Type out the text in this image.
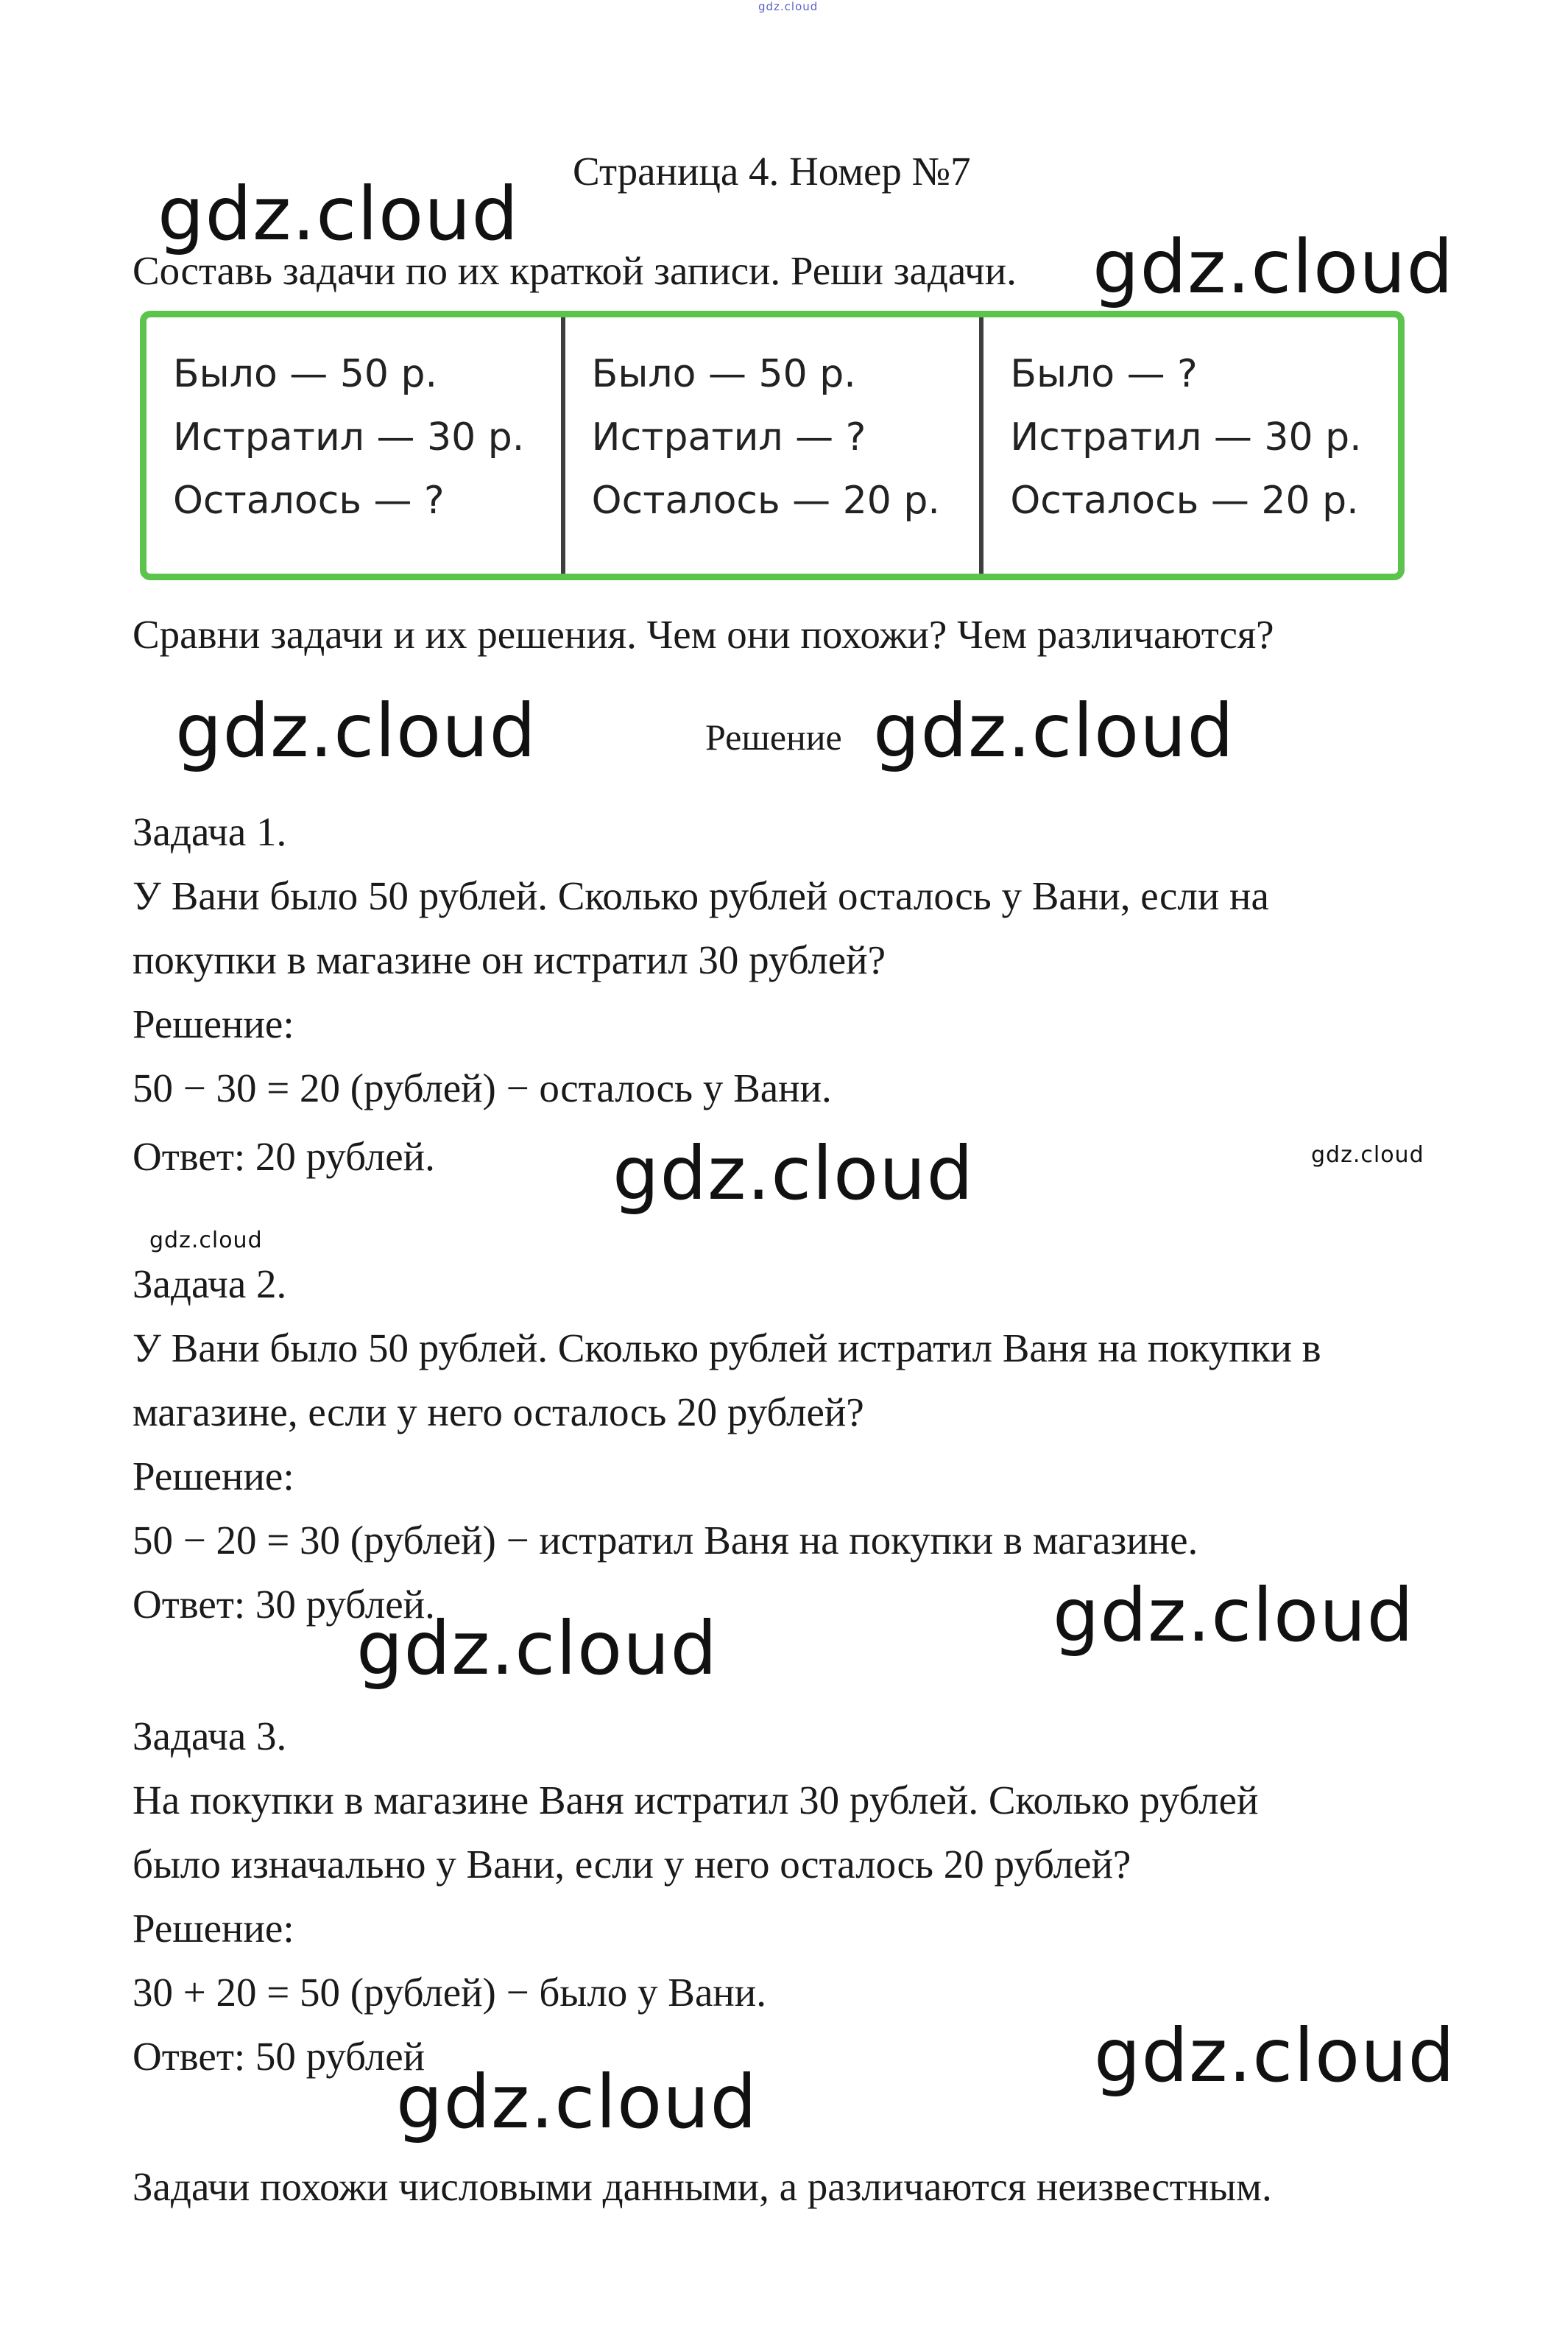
gdz.cloud
Страница 4. Номер №7
gdz.cloud
Составь задачи по их краткой записи. Реши задачи. gdz.cloud
Было — 50 р.
Истратил — 30 р.
Осталось — ?
Было — 50 р.
Истратил — ?
Осталось — 20 р.
Было — ?
Истратил — 30 р.
Осталось — 20 р.
Сравни задачи и их решения. Чем они похожи? Чем различаются?
gdz.cloud	Решение gdz.cloud
Задача 1.
У Вани было 50 рублей. Сколько рублей осталось у Вани, если на
покупки в магазине он истратил 30 рублей?
Решение:
50 − 30 = 20 (рублей) − осталось у Вани.
Ответ: 20 рублей. gdz.cloud	gdz.cloud
gdz.cloud
Задача 2.
У Вани было 50 рублей. Сколько рублей истратил Ваня на покупки в
магазине, если у него осталось 20 рублей?
Решение:
50 − 20 = 30 (рублей) − истратил Ваня на покупки в магазине.
Ответ: 30 рублей.	gdz.cloud
gdz.cloud
Задача 3.
На покупки в магазине Ваня истратил 30 рублей. Сколько рублей
было изначально у Вани, если у него осталось 20 рублей?
Решение:
30 + 20 = 50 (рублей) − было у Вани.
Ответ: 50 рублей	gdz.cloud
gdz.cloud
Задачи похожи числовыми данными, а различаются неизвестным.
